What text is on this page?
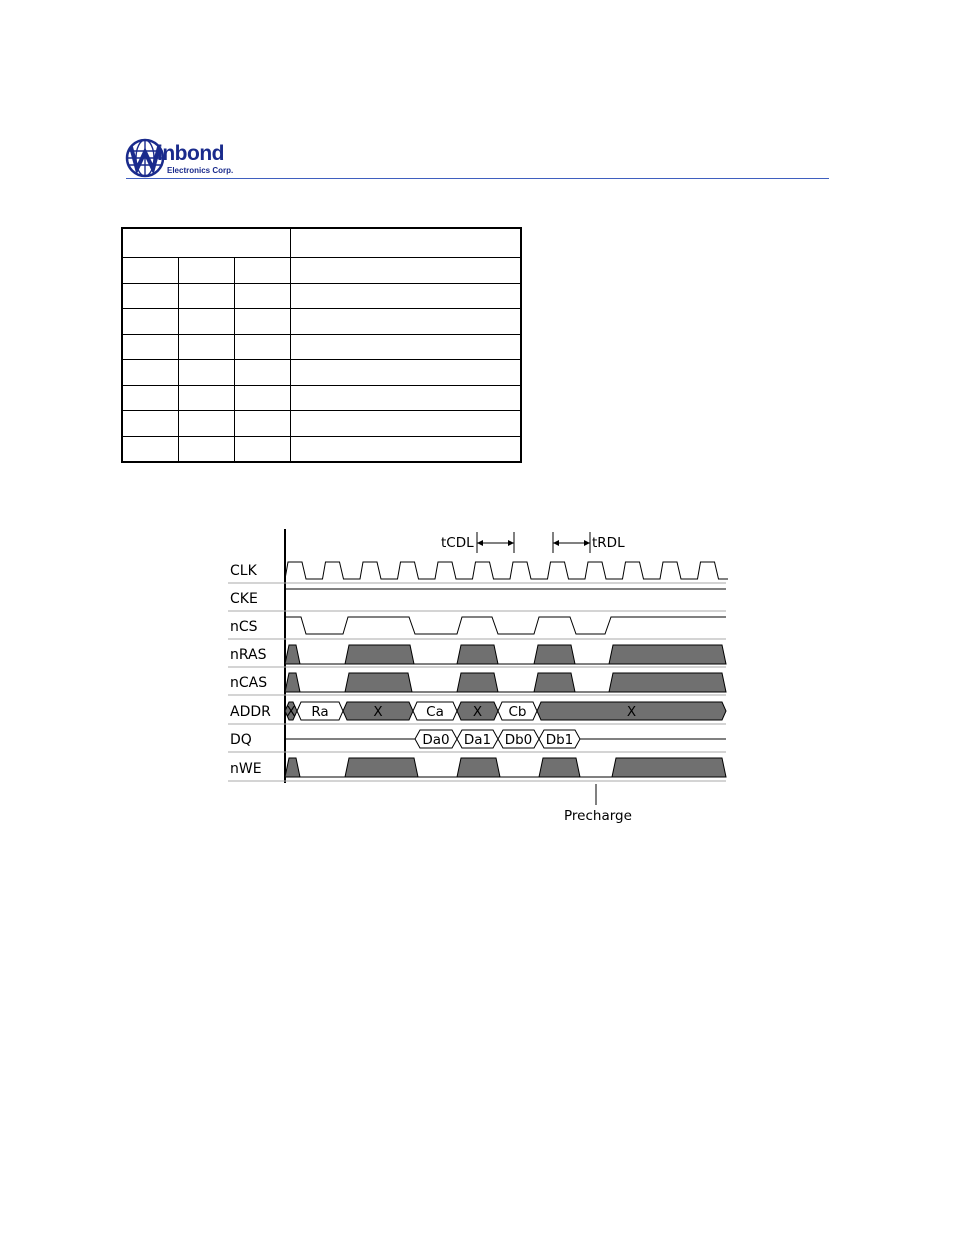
inbond
Electronics Corp.

CLK
CKE
nCS
nRAS
nCAS
ADDR
DQ
nWE
tCDL	tRDL
Precharge
X Ra	X	Ca X Cb	X
Da0 Da1 Db0 Db1
